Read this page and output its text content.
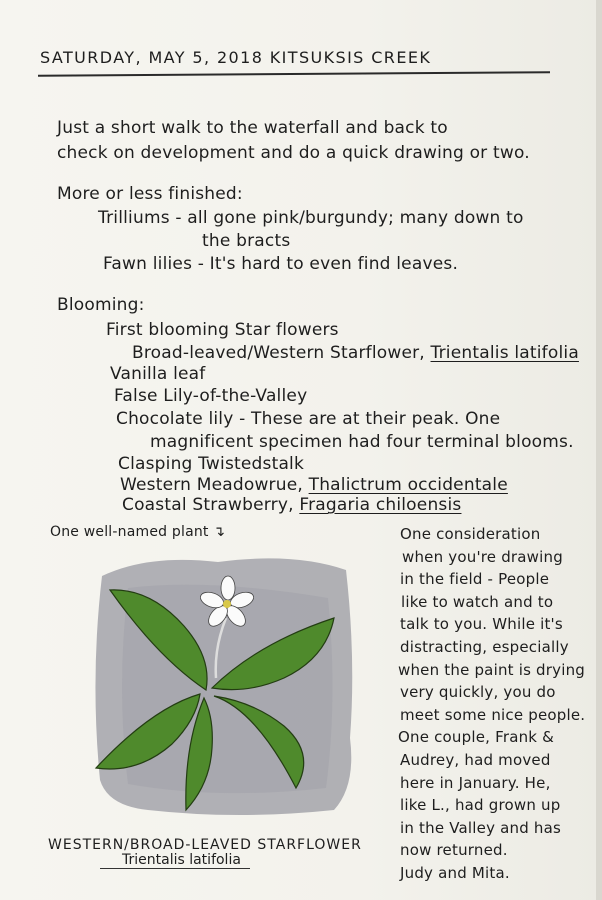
SATURDAY, MAY 5, 2018 KITSUKSIS CREEK
Just a short walk to the waterfall and back to
check on development and do a quick drawing or two.
More or less finished:
Trilliums - all gone pink/burgundy; many down to
the bracts
Fawn lilies - It's hard to even find leaves.
Blooming:
First blooming Star flowers
Broad-leaved/Western Starflower, Trientalis latifolia
Vanilla leaf
False Lily-of-the-Valley
Chocolate lily - These are at their peak. One
magnificent specimen had four terminal blooms.
Clasping Twistedstalk
Western Meadowrue, Thalictrum occidentale
Coastal Strawberry, Fragaria chiloensis
One well-named plant ↴
WESTERN/BROAD-LEAVED STARFLOWER
Trientalis latifolia
One consideration
when you're drawing
in the field - People
like to watch and to
talk to you. While it's
distracting, especially
when the paint is drying
very quickly, you do
meet some nice people.
One couple, Frank &
Audrey, had moved
here in January. He,
like L., had grown up
in the Valley and has
now returned.
Judy and Mita.
